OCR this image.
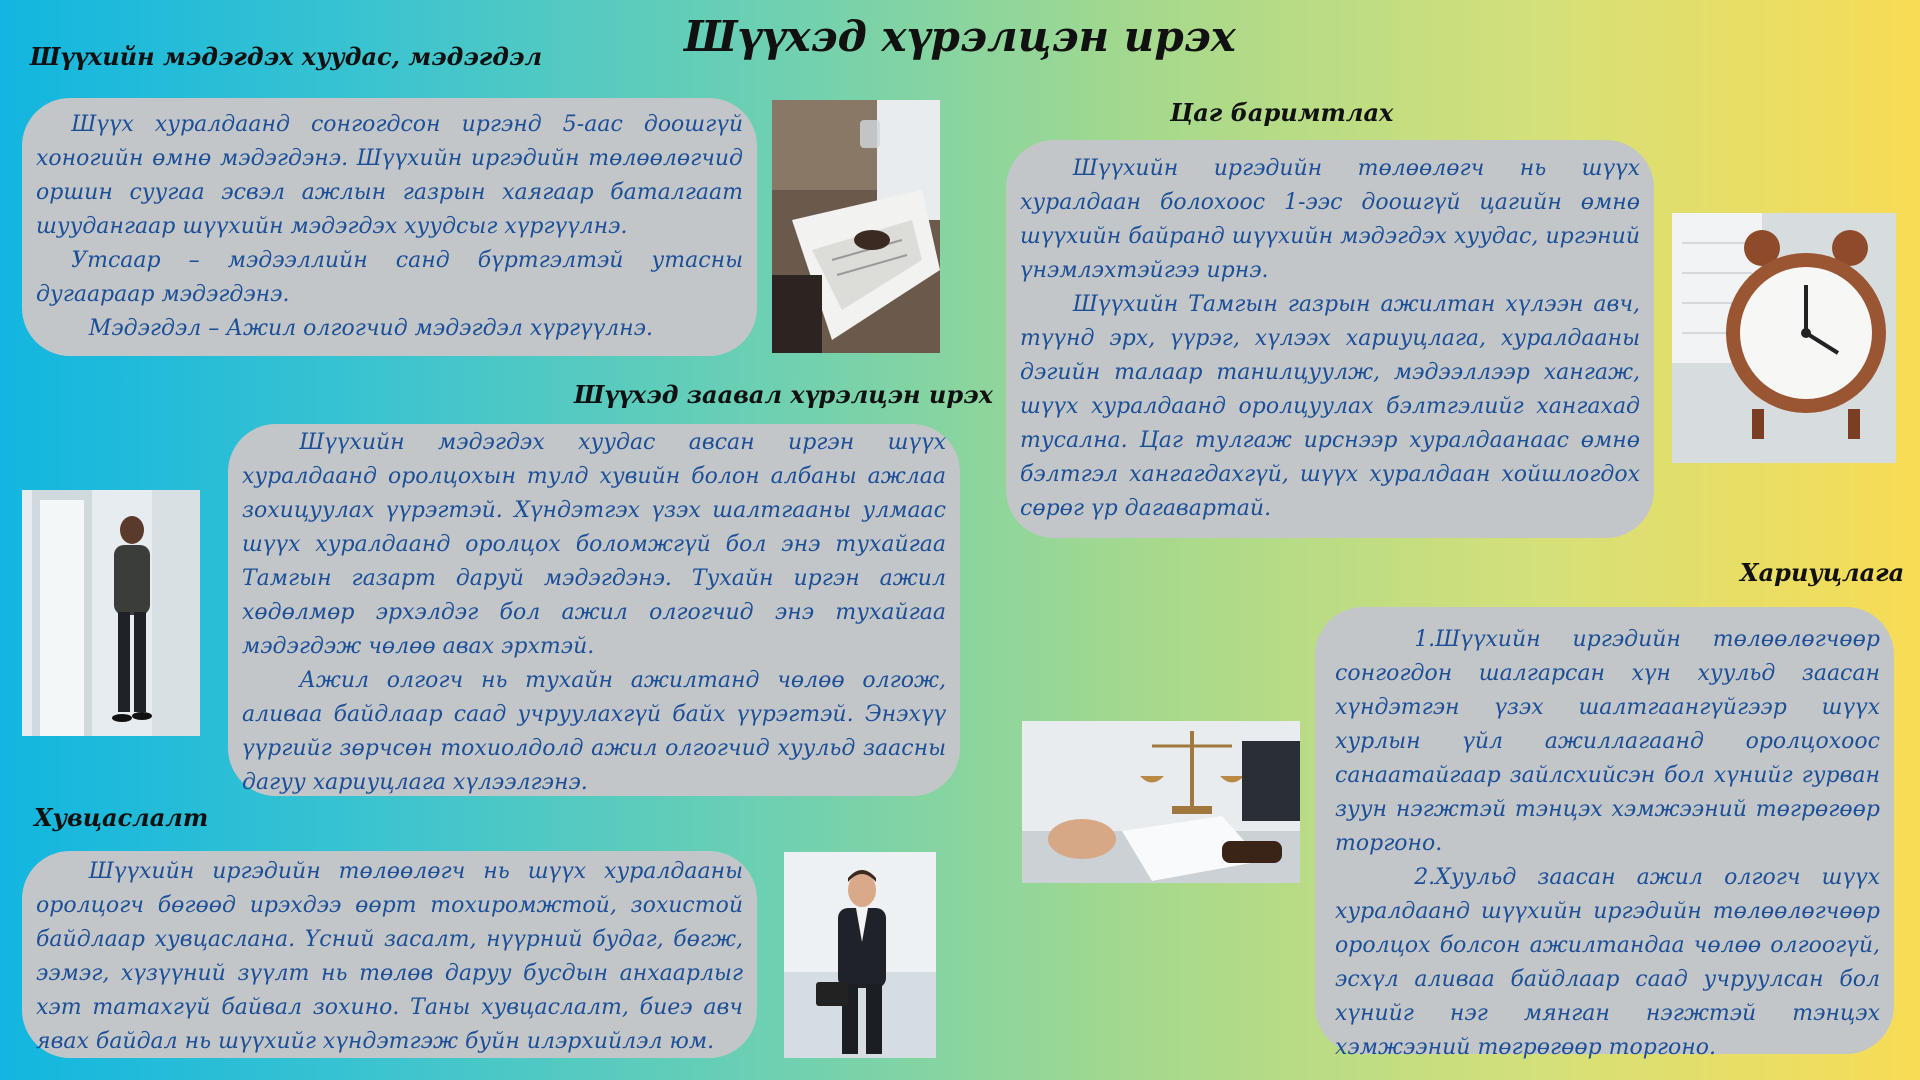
Шүүхэд хүрэлцэн ирэх
Шүүхийн мэдэгдэх хуудас, мэдэгдэл

Шүүх хуралдаанд сонгогдсон иргэнд 5-аас доошгүй хоногийн өмнө мэдэгдэнэ. Шүүхийн иргэдийн төлөөлөгчид оршин суугаа эсвэл ажлын газрын хаягаар баталгаат шуудангаар шүүхийн мэдэгдэх хуудсыг хүргүүлнэ.

Утсаар – мэдээллийн санд бүртгэлтэй утасны дугаараар мэдэгдэнэ.

Мэдэгдэл – Ажил олгогчид мэдэгдэл хүргүүлнэ.

Шүүхэд заавал хүрэлцэн ирэх

Шүүхийн мэдэгдэх хуудас авсан иргэн шүүх хуралдаанд оролцохын тулд хувийн болон албаны ажлаа зохицуулах үүрэгтэй. Хүндэтгэх үзэх шалтгааны улмаас шүүх хуралдаанд оролцох боломжгүй бол энэ тухайгаа Тамгын газарт даруй мэдэгдэнэ. Тухайн иргэн ажил хөдөлмөр эрхэлдэг бол ажил олгогчид энэ тухайгаа мэдэгдэж чөлөө авах эрхтэй.

Ажил олгогч нь тухайн ажилтанд чөлөө олгож, аливаа байдлаар саад учруулахгүй байх үүрэгтэй. Энэхүү үүргийг зөрчсөн тохиолдолд ажил олгогчид хуульд заасны дагуу хариуцлага хүлээлгэнэ.

Хувцаслалт

Шүүхийн иргэдийн төлөөлөгч нь шүүх хуралдааны оролцогч бөгөөд ирэхдээ өөрт тохиромжтой, зохистой байдлаар хувцаслана. Үсний засалт, нүүрний будаг, бөгж, ээмэг, хүзүүний зүүлт нь төлөв даруу бусдын анхаарлыг хэт татахгүй байвал зохино. Таны хувцаслалт, биеэ авч явах байдал нь шүүхийг хүндэтгэж буйн илэрхийлэл юм.

Цаг баримтлах

Шүүхийн иргэдийн төлөөлөгч нь шүүх хуралдаан болохоос 1-ээс доошгүй цагийн өмнө шүүхийн байранд шүүхийн мэдэгдэх хуудас, иргэний үнэмлэхтэйгээ ирнэ.

Шүүхийн Тамгын газрын ажилтан хүлээн авч, түүнд эрх, үүрэг, хүлээх хариуцлага, хуралдааны дэгийн талаар танилцуулж, мэдээллээр хангаж, шүүх хуралдаанд оролцуулах бэлтгэлийг хангахад тусална. Цаг тулгаж ирснээр хуралдаанаас өмнө бэлтгэл хангагдахгүй, шүүх хуралдаан хойшлогдох сөрөг үр дагавартай.

Хариуцлага

1.Шүүхийн иргэдийн төлөөлөгчөөр сонгогдон шалгарсан хүн хуульд заасан хүндэтгэн үзэх шалтгаангүйгээр шүүх хурлын үйл ажиллагаанд оролцохоос санаатайгаар зайлсхийсэн бол хүнийг гурван зуун нэгжтэй тэнцэх хэмжээний төгрөгөөр торгоно.

2.Хуульд заасан ажил олгогч шүүх хуралдаанд шүүхийн иргэдийн төлөөлөгчөөр оролцох болсон ажилтандаа чөлөө олгоогүй, эсхүл аливаа байдлаар саад учруулсан бол хүнийг нэг мянган нэгжтэй тэнцэх хэмжээний төгрөгөөр торгоно.
